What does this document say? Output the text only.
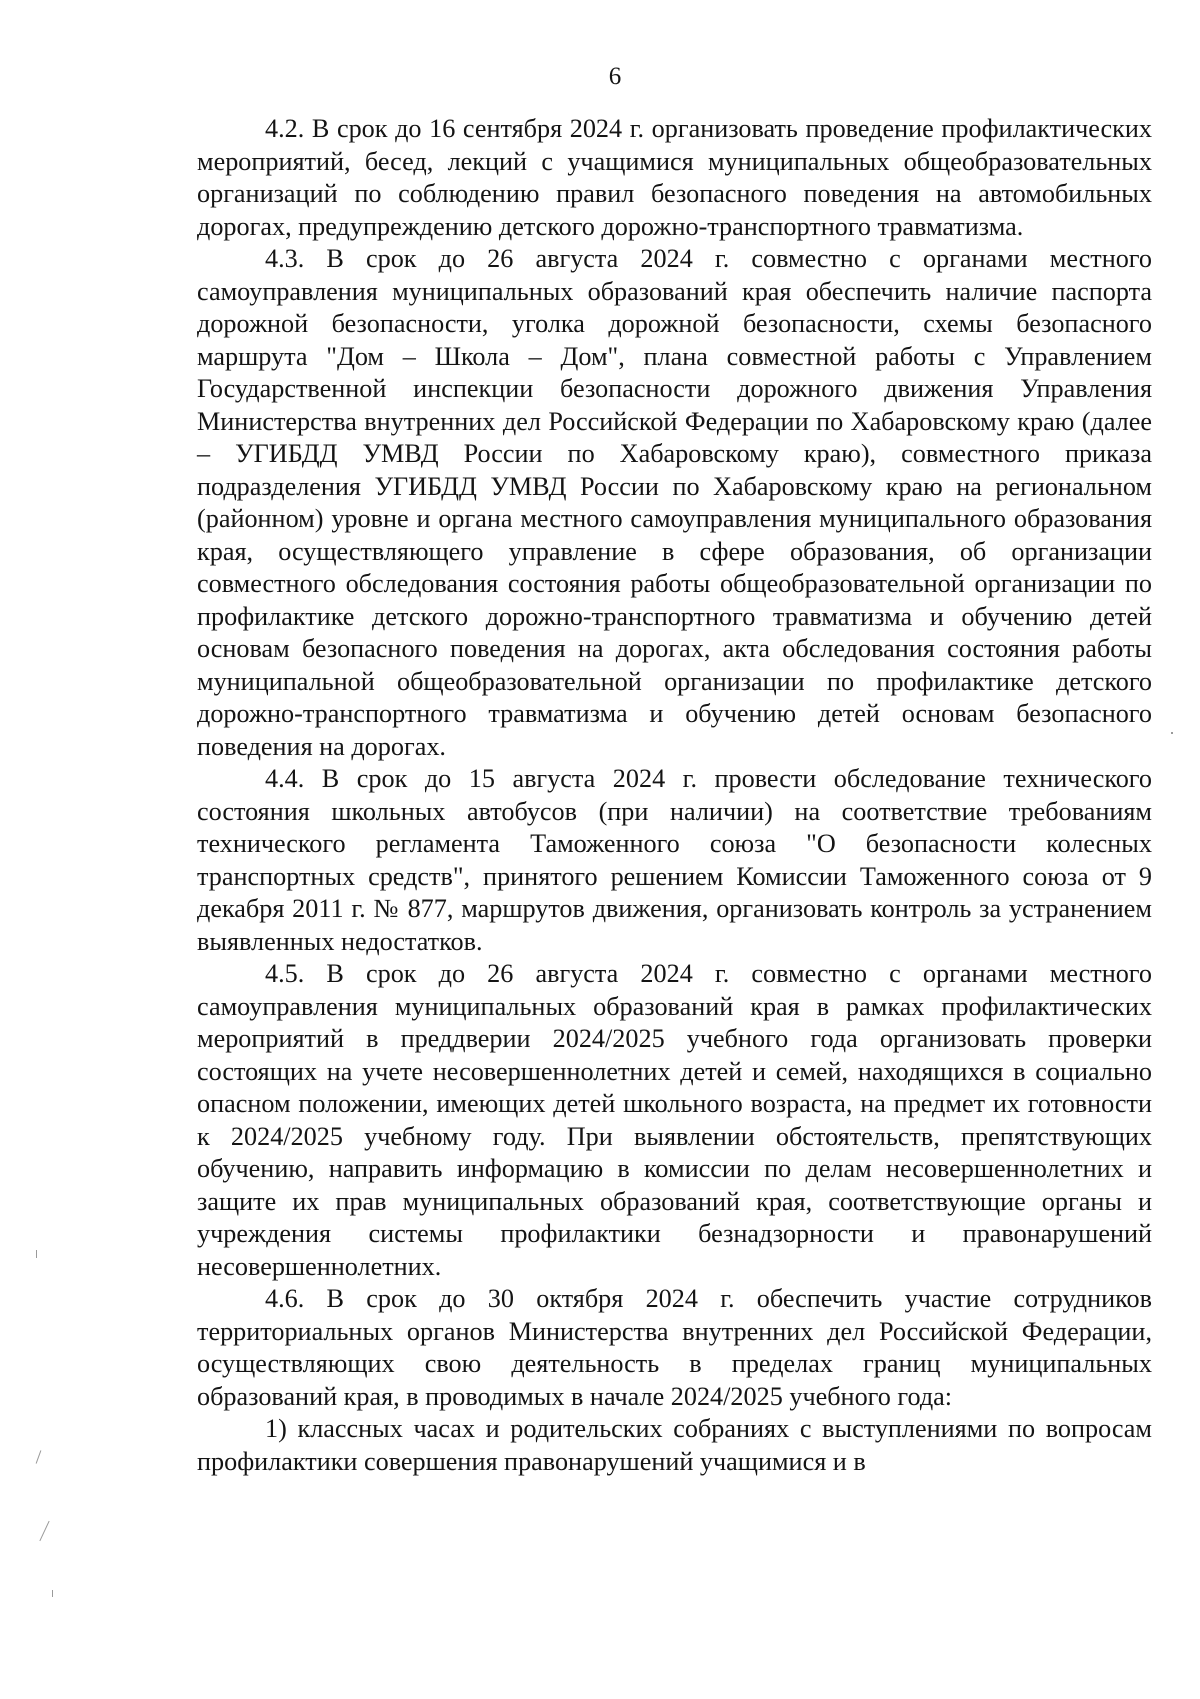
6

4.2. В срок до 16 сентября 2024 г. организовать проведение профилактических мероприятий, бесед, лекций с учащимися муниципальных общеобразовательных организаций по соблюдению правил безопасного поведения на автомобильных дорогах, предупреждению детского дорожно-транспортного травматизма.

4.3. В срок до 26 августа 2024 г. совместно с органами местного самоуправления муниципальных образований края обеспечить наличие паспорта дорожной безопасности, уголка дорожной безопасности, схемы безопасного маршрута "Дом – Школа – Дом", плана совместной работы с Управлением Государственной инспекции безопасности дорожного движения Управления Министерства внутренних дел Российской Федерации по Хабаровскому краю (далее – УГИБДД УМВД России по Хабаровскому краю), совместного приказа подразделения УГИБДД УМВД России по Хабаровскому краю на региональном (районном) уровне и органа местного самоуправления муниципального образования края, осуществляющего управление в сфере образования, об организации совместного обследования состояния работы общеобразовательной организации по профилактике детского дорожно-транспортного травматизма и обучению детей основам безопасного поведения на дорогах, акта обследования состояния работы муниципальной общеобразовательной организации по профилактике детского дорожно-транспортного травматизма и обучению детей основам безопасного поведения на дорогах.

4.4. В срок до 15 августа 2024 г. провести обследование технического состояния школьных автобусов (при наличии) на соответствие требованиям технического регламента Таможенного союза "О безопасности колесных транспортных средств", принятого решением Комиссии Таможенного союза от 9 декабря 2011 г. № 877, маршрутов движения, организовать контроль за устранением выявленных недостатков.

4.5. В срок до 26 августа 2024 г. совместно с органами местного самоуправления муниципальных образований края в рамках профилактических мероприятий в преддверии 2024/2025 учебного года организовать проверки состоящих на учете несовершеннолетних детей и семей, находящихся в социально опасном положении, имеющих детей школьного возраста, на предмет их готовности к 2024/2025 учебному году. При выявлении обстоятельств, препятствующих обучению, направить информацию в комиссии по делам несовершеннолетних и защите их прав муниципальных образований края, соответствующие органы и учреждения системы профилактики безнадзорности и правонарушений несовершеннолетних.

4.6. В срок до 30 октября 2024 г. обеспечить участие сотрудников территориальных органов Министерства внутренних дел Российской Федерации, осуществляющих свою деятельность в пределах границ муниципальных образований края, в проводимых в начале 2024/2025 учебного года:

1) классных часах и родительских собраниях с выступлениями по вопросам профилактики совершения правонарушений учащимися и в
